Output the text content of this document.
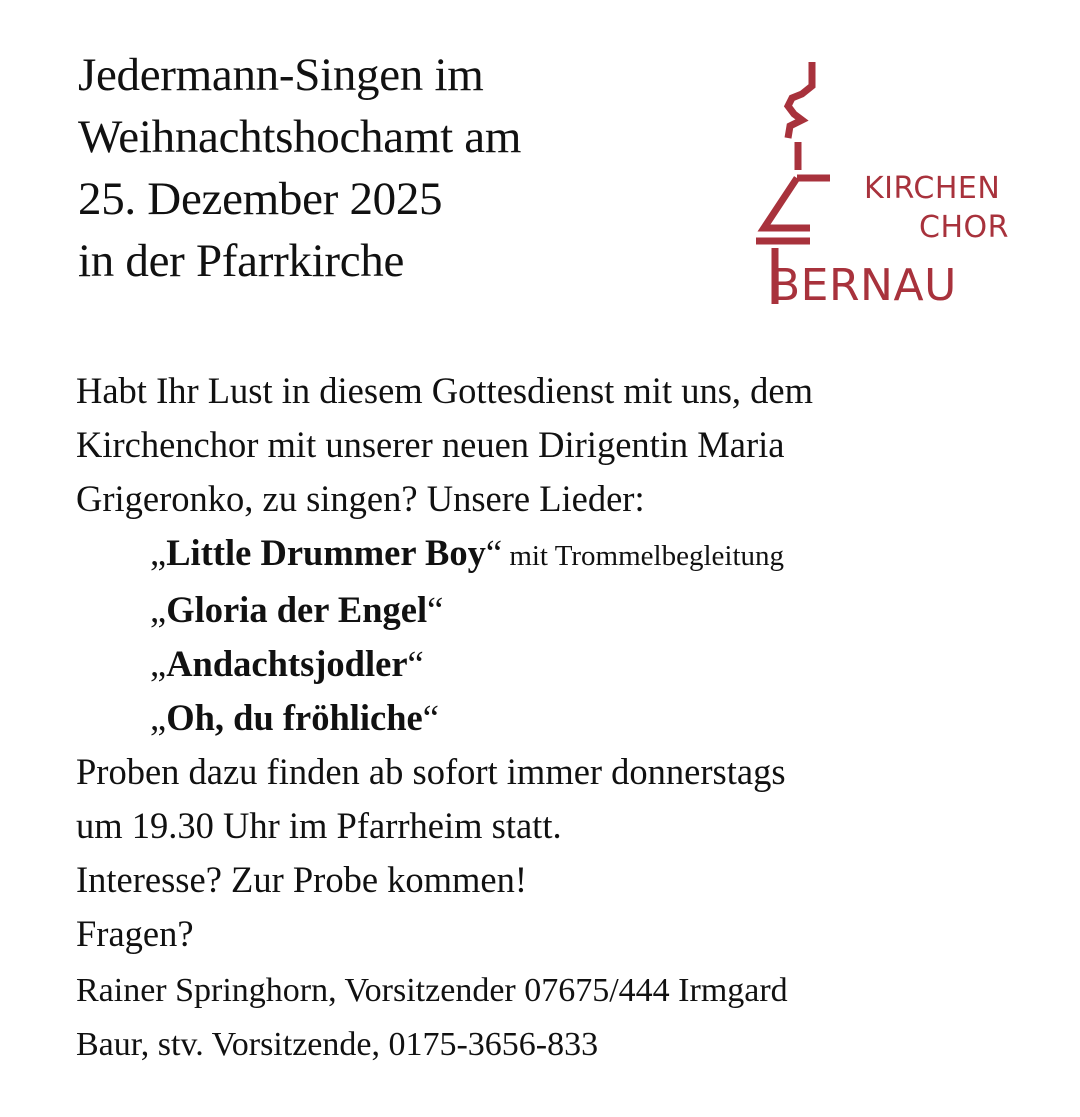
Jedermann-Singen im
Weihnachtshochamt am
25. Dezember 2025
in der Pfarrkirche
KIRCHEN
CHOR
BERNAU

Habt Ihr Lust in diesem Gottesdienst mit uns, dem

Kirchenchor mit unserer neuen Dirigentin Maria

Grigeronko, zu singen? Unsere Lieder:

„Little Drummer Boy“ mit Trommelbegleitung

„Gloria der Engel“

„Andachtsjodler“

„Oh, du fröhliche“

Proben dazu finden ab sofort immer donnerstags

um 19.30 Uhr im Pfarrheim statt.

Interesse? Zur Probe kommen!

Fragen?

Rainer Springhorn, Vorsitzender 07675/444 Irmgard

Baur, stv. Vorsitzende, 0175-3656-833
